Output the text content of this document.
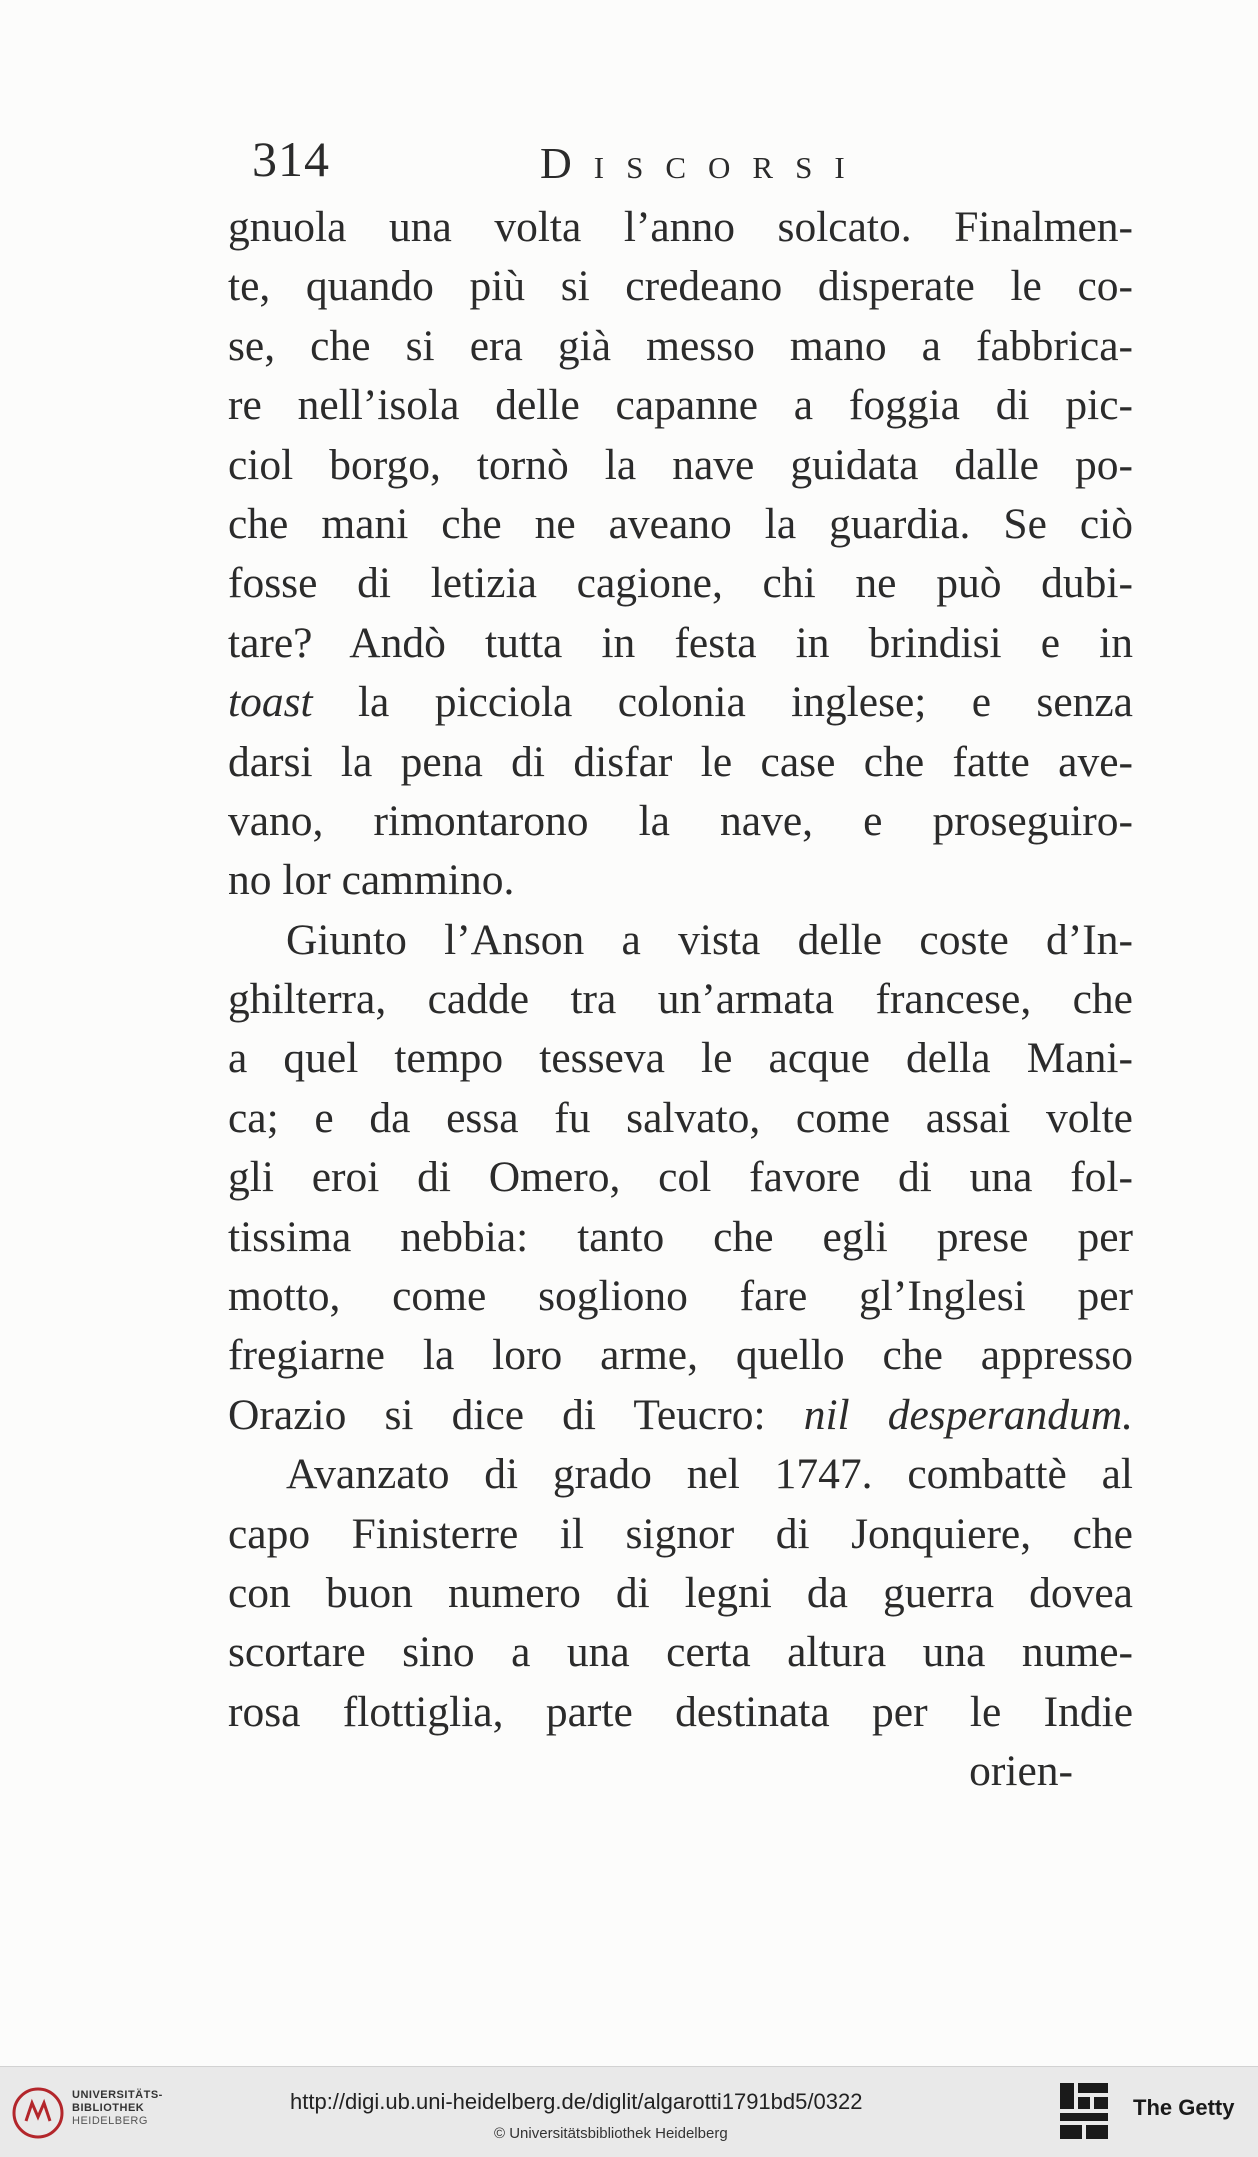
314	Discorsi
gnuola una volta l’anno solcato. Finalmen-
te, quando più si credeano disperate le co-
se, che si era già messo mano a fabbrica-
re nell’isola delle capanne a foggia di pic-
ciol borgo, tornò la nave guidata dalle po-
che mani che ne aveano la guardia. Se ciò
fosse di letizia cagione, chi ne può dubi-
tare? Andò tutta in festa in brindisi e in
toast la picciola colonia inglese; e senza
darsi la pena di disfar le case che fatte ave-
vano, rimontarono la nave, e proseguiro-
no lor cammino.
Giunto l’Anson a vista delle coste d’In-
ghilterra, cadde tra un’armata francese, che
a quel tempo tesseva le acque della Mani-
ca; e da essa fu salvato, come assai volte
gli eroi di Omero, col favore di una fol-
tissima nebbia: tanto che egli prese per
motto, come sogliono fare gl’Inglesi per
fregiarne la loro arme, quello che appresso
Orazio si dice di Teucro: nil desperandum.
Avanzato di grado nel 1747. combattè al
capo Finisterre il signor di Jonquiere, che
con buon numero di legni da guerra dovea
scortare sino a una certa altura una nume-
rosa flottiglia, parte destinata per le Indie
orien-
UNIVERSITÄTS-
BIBLIOTHEK
HEIDELBERG
http://digi.ub.uni-heidelberg.de/diglit/algarotti1791bd5/0322
© Universitätsbibliothek Heidelberg
The Getty
